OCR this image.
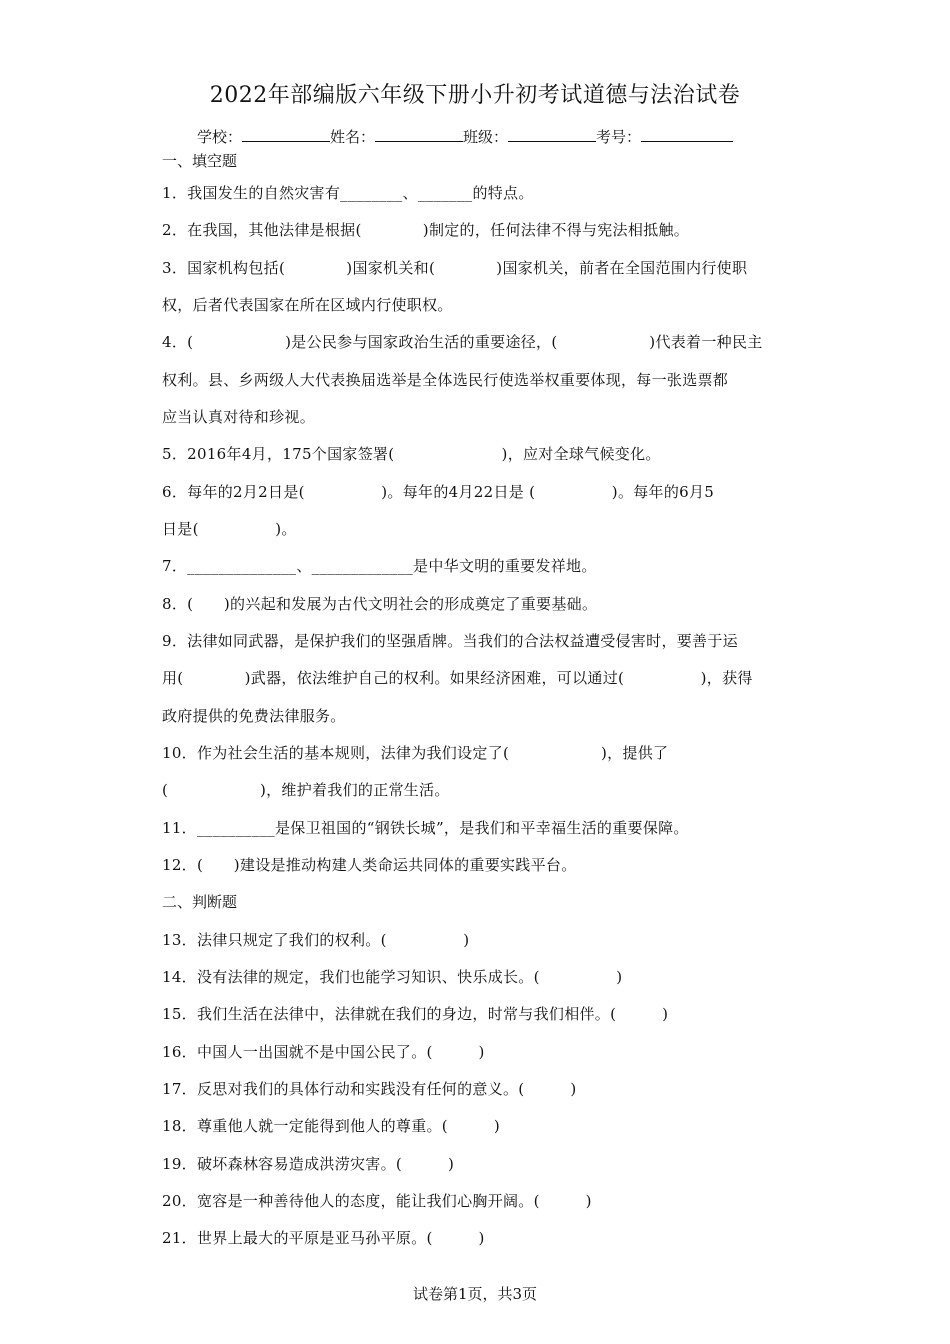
2022年部编版六年级下册小升初考试道德与法治试卷
学校：	姓名：	班级：	考号：
一、填空题
1．我国发生的自然灾害有________、_______的特点。
2．在我国，其他法律是根据(　　　　)制定的，任何法律不得与宪法相抵触。
3．国家机构包括(　　　　)国家机关和(　　　　)国家机关，前者在全国范围内行使职
权，后者代表国家在所在区域内行使职权。
4．(　　　　　　)是公民参与国家政治生活的重要途径，(　　　　　　)代表着一种民主
权利。县、乡两级人大代表换届选举是全体选民行使选举权重要体现，每一张选票都
应当认真对待和珍视。
5．2016年4月，175个国家签署(　　　　　　　)，应对全球气候变化。
6．每年的2月2日是(　　　　　)。每年的4月22日是 (　　　　　)。每年的6月5
日是(　　　　　)。
7．______________、_____________是中华文明的重要发祥地。
8．(　　)的兴起和发展为古代文明社会的形成奠定了重要基础。
9．法律如同武器，是保护我们的坚强盾牌。当我们的合法权益遭受侵害时，要善于运
用(　　　　)武器，依法维护自己的权利。如果经济困难，可以通过(　　　　　)，获得
政府提供的免费法律服务。
10．作为社会生活的基本规则，法律为我们设定了(　　　　　　)，提供了
(　　　　　　)，维护着我们的正常生活。
11．__________是保卫祖国的“钢铁长城”，是我们和平幸福生活的重要保障。
12．(　　)建设是推动构建人类命运共同体的重要实践平台。
二、判断题
13．法律只规定了我们的权利。(　　　　　)
14．没有法律的规定，我们也能学习知识、快乐成长。(　　　　　)
15．我们生活在法律中，法律就在我们的身边，时常与我们相伴。(　　　)
16．中国人一出国就不是中国公民了。(　　　)
17．反思对我们的具体行动和实践没有任何的意义。(　　　)
18．尊重他人就一定能得到他人的尊重。(　　　)
19．破坏森林容易造成洪涝灾害。(　　　)
20．宽容是一种善待他人的态度，能让我们心胸开阔。(　　　)
21．世界上最大的平原是亚马孙平原。(　　　)
试卷第1页，共3页
